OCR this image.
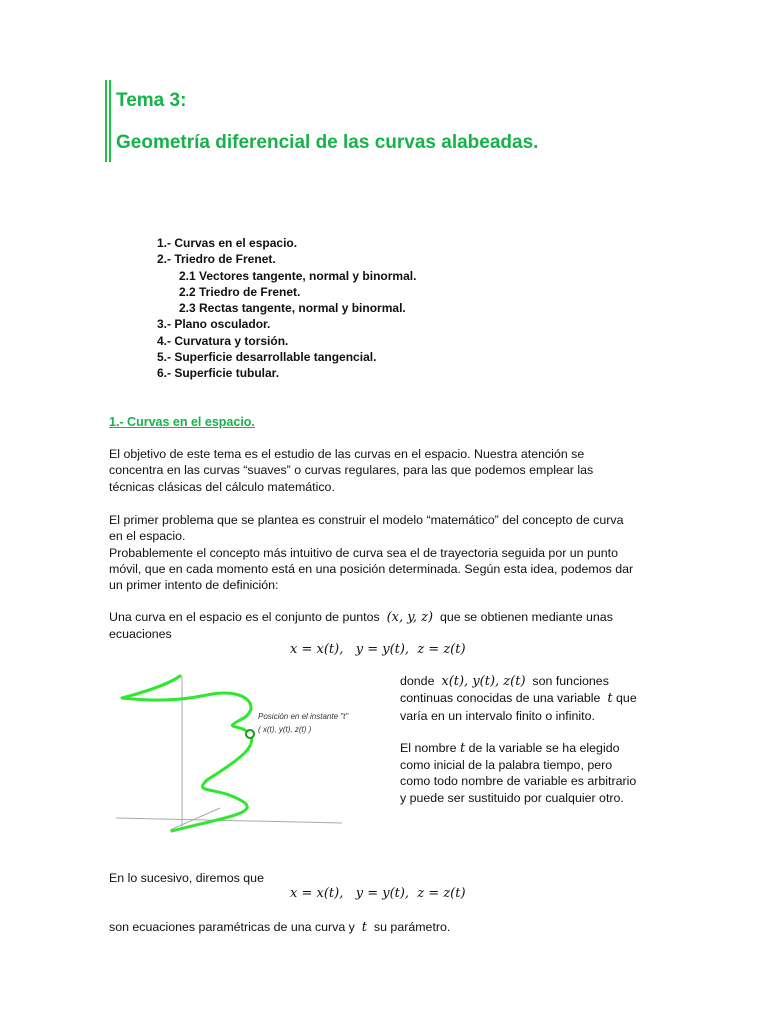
Tema 3:
Geometría diferencial de las curvas alabeadas.
1.- Curvas en el espacio.
2.- Triedro de Frenet.
2.1 Vectores tangente, normal y binormal.
2.2 Triedro de Frenet.
2.3 Rectas tangente, normal y binormal.
3.- Plano osculador.
4.- Curvatura y torsión.
5.- Superficie desarrollable tangencial.
6.- Superficie tubular.
1.- Curvas en el espacio.
El objetivo de este tema es el estudio de las curvas en el espacio. Nuestra atención se
concentra en las curvas “suaves” o curvas regulares, para las que podemos emplear las
técnicas clásicas del cálculo matemático.
El primer problema que se plantea es construir el modelo “matemático” del concepto de curva
en el espacio.
Probablemente el concepto más intuitivo de curva sea el de trayectoria seguida por un punto
móvil, que en cada momento está en una posición determinada. Según esta idea, podemos dar
un primer intento de definición:
Una curva en el espacio es el conjunto de puntos (x, y, z) que se obtienen mediante unas
ecuaciones
x = x(t),   y = y(t),  z = z(t)
Posición en el instante "t"
( x(t), y(t), z(t) )
donde x(t), y(t), z(t) son funciones
continuas conocidas de una variable t que
varía en un intervalo finito o infinito.
El nombre t de la variable se ha elegido
como inicial de la palabra tiempo, pero
como todo nombre de variable es arbitrario
y puede ser sustituido por cualquier otro.
En lo sucesivo, diremos que
x = x(t),   y = y(t),  z = z(t)
son ecuaciones paramétricas de una curva y t su parámetro.
